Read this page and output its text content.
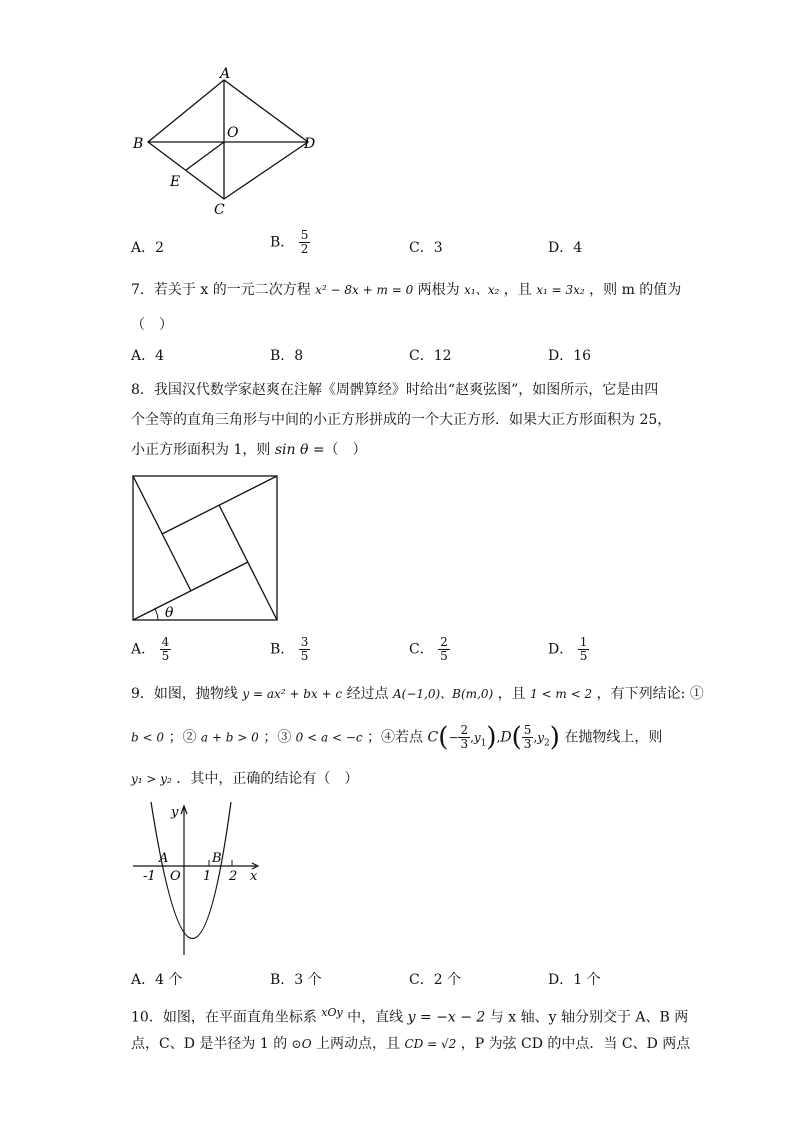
A
B
O
D
E
C
A．2	B． $\frac{5}{2}$	C．3	D．4
7．若关于 x 的一元二次方程 x² − 8x + m = 0 两根为 x₁、x₂ ，且 x₁ = 3x₂ ，则 m 的值为
（　）
A．4	B．8	C．12	D．16
8．我国汉代数学家赵爽在注解《周髀算经》时给出“赵爽弦图”，如图所示，它是由四
个全等的直角三角形与中间的小正方形拼成的一个大正方形．如果大正方形面积为 25，
小正方形面积为 1，则 sin θ =（　）
θ
A． $\frac{4}{5}$	B． $\frac{3}{5}$	C． $\frac{2}{5}$	D． $\frac{1}{5}$
9．如图，抛物线 y = ax² + bx + c 经过点 A(−1,0)、B(m,0) ，且 1 < m < 2 ，有下列结论: ①
b < 0 ；② a + b > 0 ；③ 0 < a < −c ；④若点 $C(- \frac{2}{3} ,y_1),D( \frac{5}{3} ,y_2)$ 在抛物线上，则
y₁ > y₂ ．其中，正确的结论有（　）
y
x
A	B
O
-1	1 2
A．4 个	B．3 个	C．2 个	D．1 个
10．如图，在平面直角坐标系 $^{xOy}$ 中，直线 y = −x − 2 与 x 轴、y 轴分别交于 A、B 两
点，C、D 是半径为 1 的 ⊙O 上两动点，且 CD = √2 ，P 为弦 CD 的中点．当 C、D 两点
